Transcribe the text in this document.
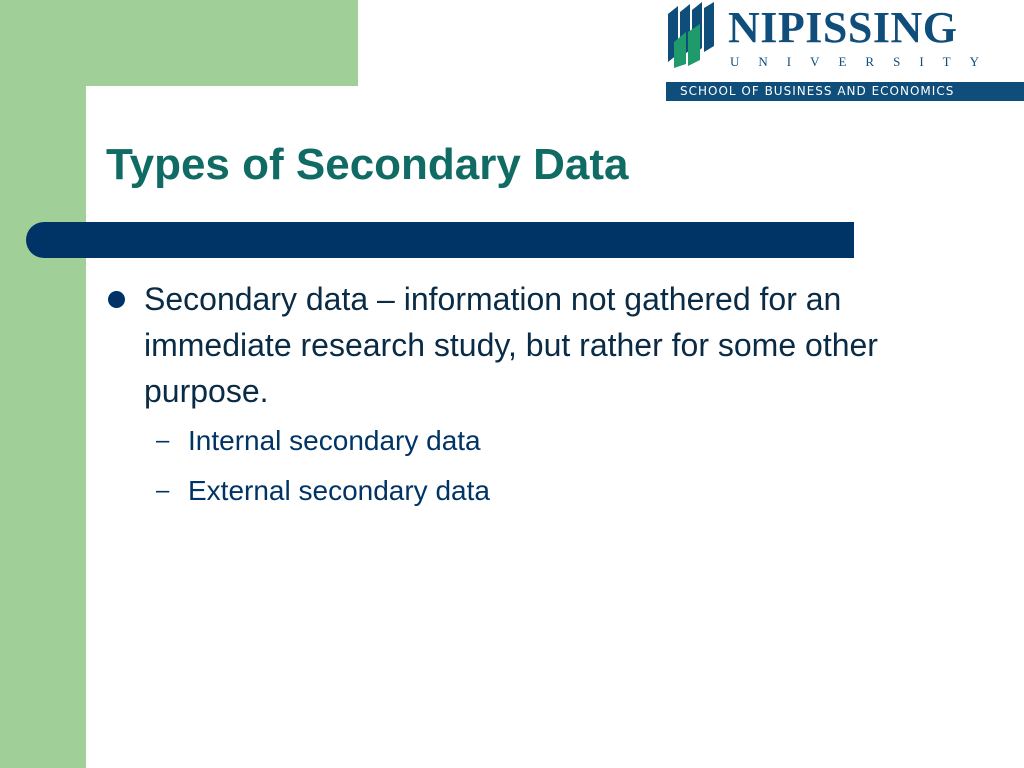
NIPISSING
UNIVERSITY
SCHOOL OF BUSINESS AND ECONOMICS
Types of Secondary Data
Secondary data – information not gathered for an immediate research study, but rather for some other purpose.
– Internal secondary data
– External secondary data
